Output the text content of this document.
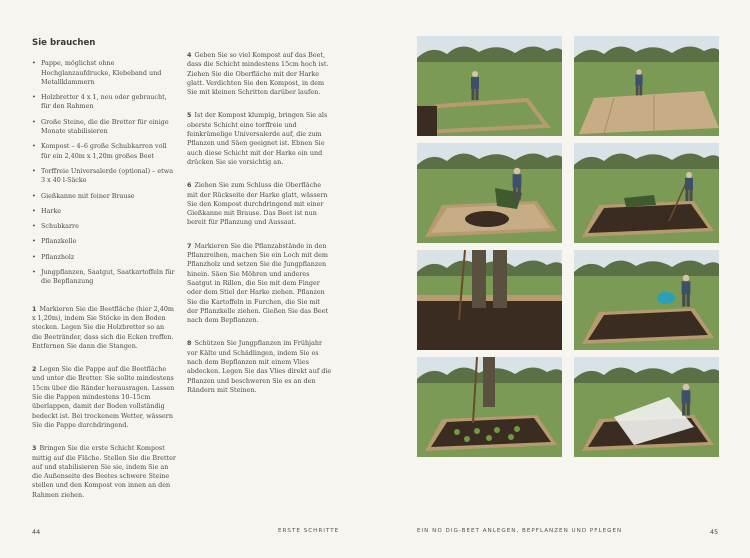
Sie brauchen
• Pappe, möglichst ohne Hochglanzaufdrucke, Klebeband und Metallklammern
• Holzbretter 4 x 1, neu oder gebraucht, für den Rahmen
• Große Steine, die die Bretter für einige Monate stabilisieren
• Kompost – 4–6 große Schubkarren voll für ein 2,40m x 1,20m großes Beet
• Torffreie Universalerde (optional) – etwa 3 x 40 l-Säcke
• Gießkanne mit feiner Brause
• Harke
• Schubkarre
• Pflanzkelle
• Pflanzholz
• Jungpflanzen, Saatgut, Saatkartoffeln für die Bepflanzung

1 Markieren Sie die Beetfläche (hier 2,40m x 1,20m), indem Sie Stöcke in den Boden stecken. Legen Sie die Holzbretter so an die Beetränder, dass sich die Ecken treffen. Entfernen Sie dann die Stangen.

2 Legen Sie die Pappe auf die Beetfläche und unter die Bretter. Sie sollte mindestens 15cm über die Ränder herausragen. Lassen Sie die Pappen mindestens 10–15cm überlappen, damit der Boden vollständig bedeckt ist. Bei trockenem Wetter, wässern Sie die Pappe durchdringend.

3 Bringen Sie die erste Schicht Kompost mittig auf die Fläche. Stellen Sie die Bretter auf und stabilisieren Sie sie, indem Sie an die Außenseite des Beetes schwere Steine stellen und den Kompost von innen an den Rahmen ziehen.

4 Geben Sie so viel Kompost auf das Beet, dass die Schicht mindestens 15cm hoch ist. Ziehen Sie die Oberfläche mit der Harke glatt. Verdichten Sie den Kompost, in dem Sie mit kleinen Schritten darüber laufen.

5 Ist der Kompost klumpig, bringen Sie als oberste Schicht eine torffreie und feinkrümelige Universalerde auf, die zum Pflanzen und Säen geeignet ist. Ebnen Sie auch diese Schicht mit der Harke ein und drücken Sie sie vorsichtig an.

6 Ziehen Sie zum Schluss die Oberfläche mit der Rückseite der Harke glatt, wässern Sie den Kompost durchdringend mit einer Gießkanne mit Brause. Das Beet ist nun bereit für Pflanzung und Aussaat.

7 Markieren Sie die Pflanzabstände in den Pflanzreihen, machen Sie ein Loch mit dem Pflanzholz und setzen Sie die Jungpflanzen hinein. Säen Sie Möhren und anderes Saatgut in Rillen, die Sie mit dem Finger oder dem Stiel der Harke ziehen. Pflanzen Sie die Kartoffeln in Furchen, die Sie mit der Pflanzkelle ziehen. Gießen Sie das Beet nach dem Bepflanzen.

8 Schützen Sie Jungpflanzen im Frühjahr vor Kälte und Schädlingen, indem Sie es nach dem Bepflanzen mit einem Vlies abdecken. Legen Sie das Vlies direkt auf die Pflanzen und beschweren Sie es an den Rändern mit Steinen.

44	ERSTE SCHRITTE	EIN NO DIG-BEET ANLEGEN, BEPFLANZEN UND PFLEGEN	45
